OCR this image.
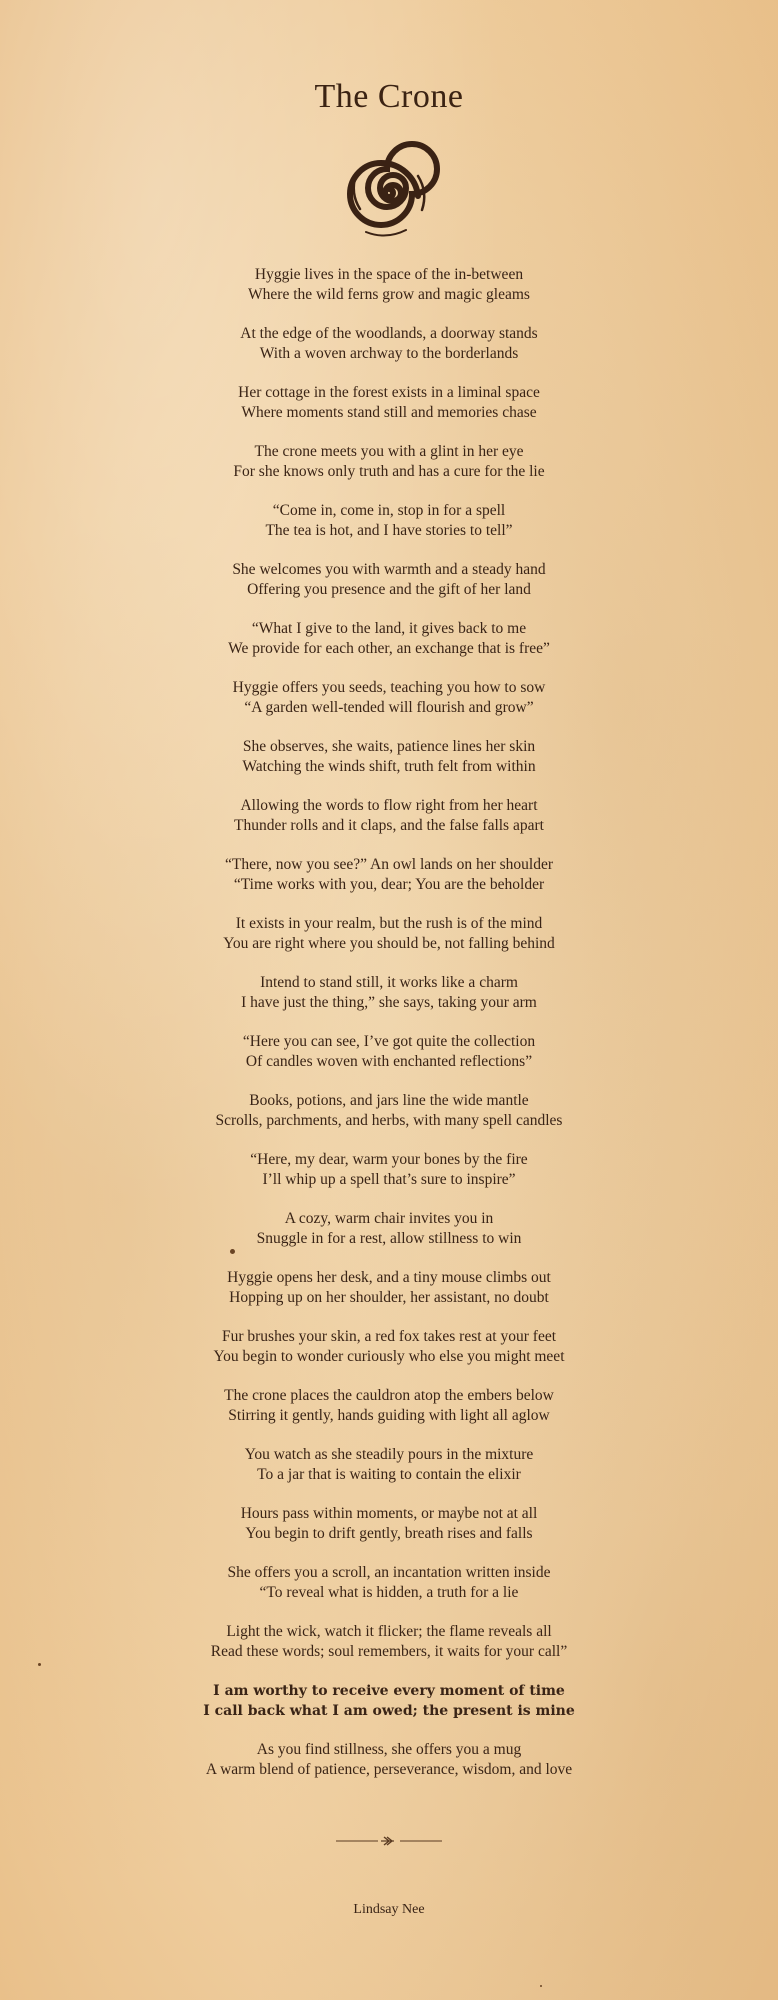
The Crone
Hyggie lives in the space of the in-between
Where the wild ferns grow and magic gleams
At the edge of the woodlands, a doorway stands
With a woven archway to the borderlands
Her cottage in the forest exists in a liminal space
Where moments stand still and memories chase
The crone meets you with a glint in her eye
For she knows only truth and has a cure for the lie
“Come in, come in, stop in for a spell
The tea is hot, and I have stories to tell”
She welcomes you with warmth and a steady hand
Offering you presence and the gift of her land
“What I give to the land, it gives back to me
We provide for each other, an exchange that is free”
Hyggie offers you seeds, teaching you how to sow
“A garden well-tended will flourish and grow”
She observes, she waits, patience lines her skin
Watching the winds shift, truth felt from within
Allowing the words to flow right from her heart
Thunder rolls and it claps, and the false falls apart
“There, now you see?” An owl lands on her shoulder
“Time works with you, dear; You are the beholder
It exists in your realm, but the rush is of the mind
You are right where you should be, not falling behind
Intend to stand still, it works like a charm
I have just the thing,” she says, taking your arm
“Here you can see, I’ve got quite the collection
Of candles woven with enchanted reflections”
Books, potions, and jars line the wide mantle
Scrolls, parchments, and herbs, with many spell candles
“Here, my dear, warm your bones by the fire
I’ll whip up a spell that’s sure to inspire”
A cozy, warm chair invites you in
Snuggle in for a rest, allow stillness to win
Hyggie opens her desk, and a tiny mouse climbs out
Hopping up on her shoulder, her assistant, no doubt
Fur brushes your skin, a red fox takes rest at your feet
You begin to wonder curiously who else you might meet
The crone places the cauldron atop the embers below
Stirring it gently, hands guiding with light all aglow
You watch as she steadily pours in the mixture
To a jar that is waiting to contain the elixir
Hours pass within moments, or maybe not at all
You begin to drift gently, breath rises and falls
She offers you a scroll, an incantation written inside
“To reveal what is hidden, a truth for a lie
Light the wick, watch it flicker; the flame reveals all
Read these words; soul remembers, it waits for your call”
I am worthy to receive every moment of time
I call back what I am owed; the present is mine
As you find stillness, she offers you a mug
A warm blend of patience, perseverance, wisdom, and love
Lindsay Nee
